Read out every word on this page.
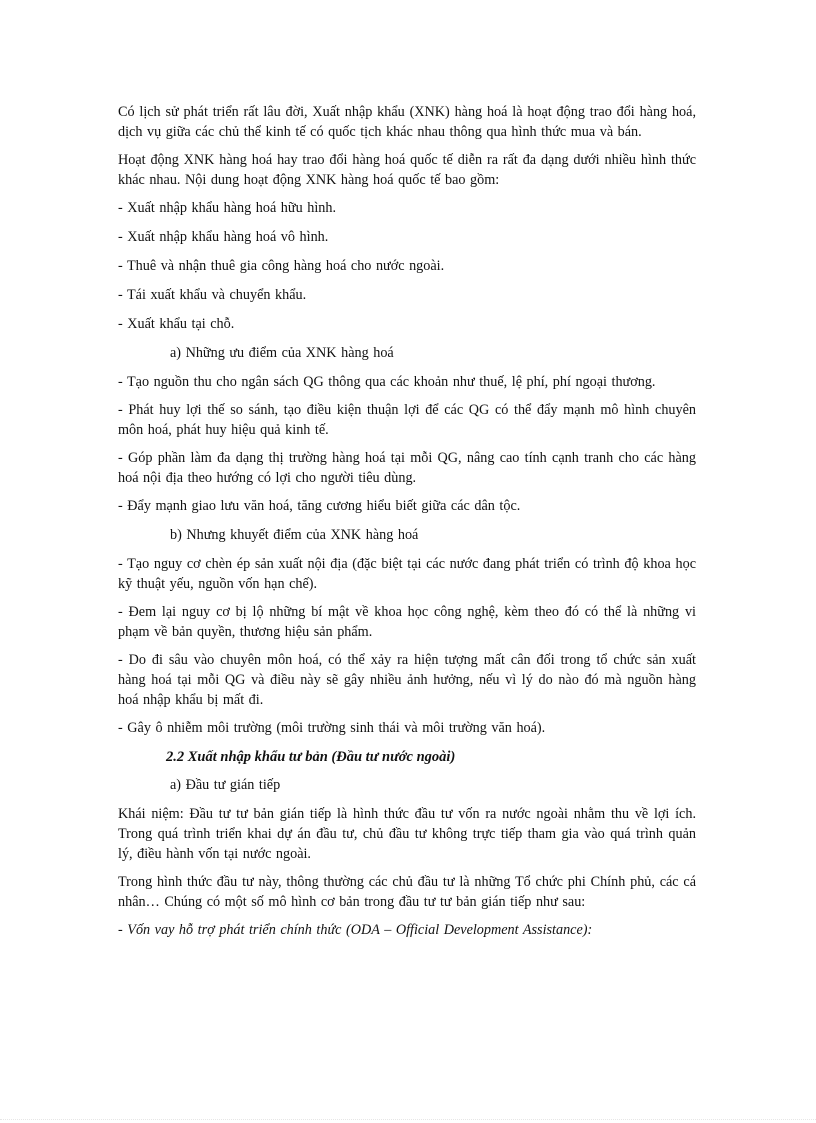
Có lịch sử phát triển rất lâu đời, Xuất nhập khẩu (XNK) hàng hoá là hoạt động trao đổi hàng hoá, dịch vụ giữa các chủ thể kinh tế có quốc tịch khác nhau thông qua hình thức mua và bán.

Hoạt động XNK hàng hoá hay trao đổi hàng hoá quốc tế diễn ra rất đa dạng dưới nhiều hình thức khác nhau. Nội dung hoạt động XNK hàng hoá quốc tế bao gồm:

- Xuất nhập khẩu hàng hoá hữu hình.

- Xuất nhập khẩu hàng hoá vô hình.

- Thuê và nhận thuê gia công hàng hoá cho nước ngoài.

- Tái xuất khẩu và chuyển khẩu.

- Xuất khẩu tại chỗ.

a) Những ưu điểm của XNK hàng hoá

- Tạo nguồn thu cho ngân sách QG thông qua các khoản như thuế, lệ phí, phí ngoại thương.

- Phát huy lợi thế so sánh, tạo điều kiện thuận lợi để các QG có thể đẩy mạnh mô hình chuyên môn hoá, phát huy hiệu quả kinh tế.

- Góp phần làm đa dạng thị trường hàng hoá tại mỗi QG, nâng cao tính cạnh tranh cho các hàng hoá nội địa theo hướng có lợi cho người tiêu dùng.

- Đẩy mạnh giao lưu văn hoá, tăng cương hiểu biết giữa các dân tộc.

b) Nhưng khuyết điểm của XNK hàng hoá

- Tạo nguy cơ chèn ép sản xuất nội địa (đặc biệt tại các nước đang phát triển có trình độ khoa học kỹ thuật yếu, nguồn vốn hạn chế).

- Đem lại nguy cơ bị lộ những bí mật về khoa học công nghệ, kèm theo đó có thể là những vi phạm về bản quyền, thương hiệu sản phẩm.

- Do đi sâu vào chuyên môn hoá, có thể xảy ra hiện tượng mất cân đối trong tổ chức sản xuất hàng hoá tại mỗi QG và điều này sẽ gây nhiều ảnh hưởng, nếu vì lý do nào đó mà nguồn hàng hoá nhập khẩu bị mất đi.

- Gây ô nhiễm môi trường (môi trường sinh thái và môi trường văn hoá).

2.2 Xuất nhập khẩu tư bản (Đầu tư nước ngoài)

a) Đầu tư gián tiếp

Khái niệm: Đầu tư tư bản gián tiếp là hình thức đầu tư vốn ra nước ngoài nhằm thu về lợi ích. Trong quá trình triển khai dự án đầu tư, chủ đầu tư không trực tiếp tham gia vào quá trình quản lý, điều hành vốn tại nước ngoài.

Trong hình thức đầu tư này, thông thường các chủ đầu tư là những Tổ chức phi Chính phủ, các cá nhân… Chúng có một số mô hình cơ bản trong đầu tư tư bản gián tiếp như sau:

- Vốn vay hỗ trợ phát triển chính thức (ODA – Official Development Assistance):
